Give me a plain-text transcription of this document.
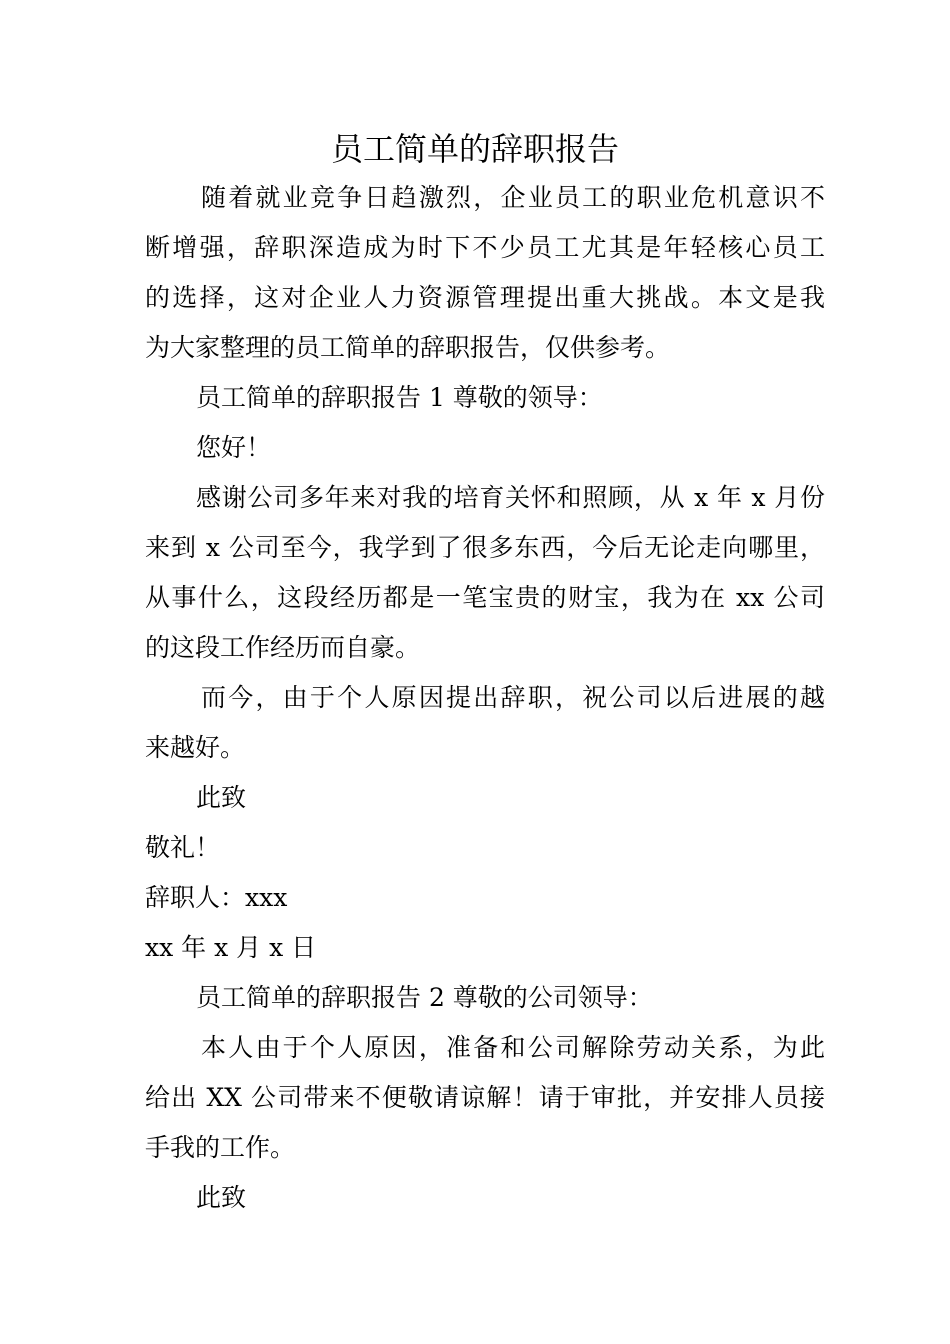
员工简单的辞职报告
随着就业竞争日趋激烈，企业员工的职业危机意识不
断增强，辞职深造成为时下不少员工尤其是年轻核心员工
的选择，这对企业人力资源管理提出重大挑战。本文是我
为大家整理的员工简单的辞职报告，仅供参考。
员工简单的辞职报告 1 尊敬的领导：
您好！
感谢公司多年来对我的培育关怀和照顾，从 x 年 x 月份
来到 x 公司至今，我学到了很多东西，今后无论走向哪里，
从事什么，这段经历都是一笔宝贵的财宝，我为在 xx 公司
的这段工作经历而自豪。
而今，由于个人原因提出辞职，祝公司以后进展的越
来越好。
此致
敬礼！
辞职人：xxx
xx 年 x 月 x 日
员工简单的辞职报告 2 尊敬的公司领导：
本人由于个人原因，准备和公司解除劳动关系，为此
给出 XX 公司带来不便敬请谅解！请于审批，并安排人员接
手我的工作。
此致
